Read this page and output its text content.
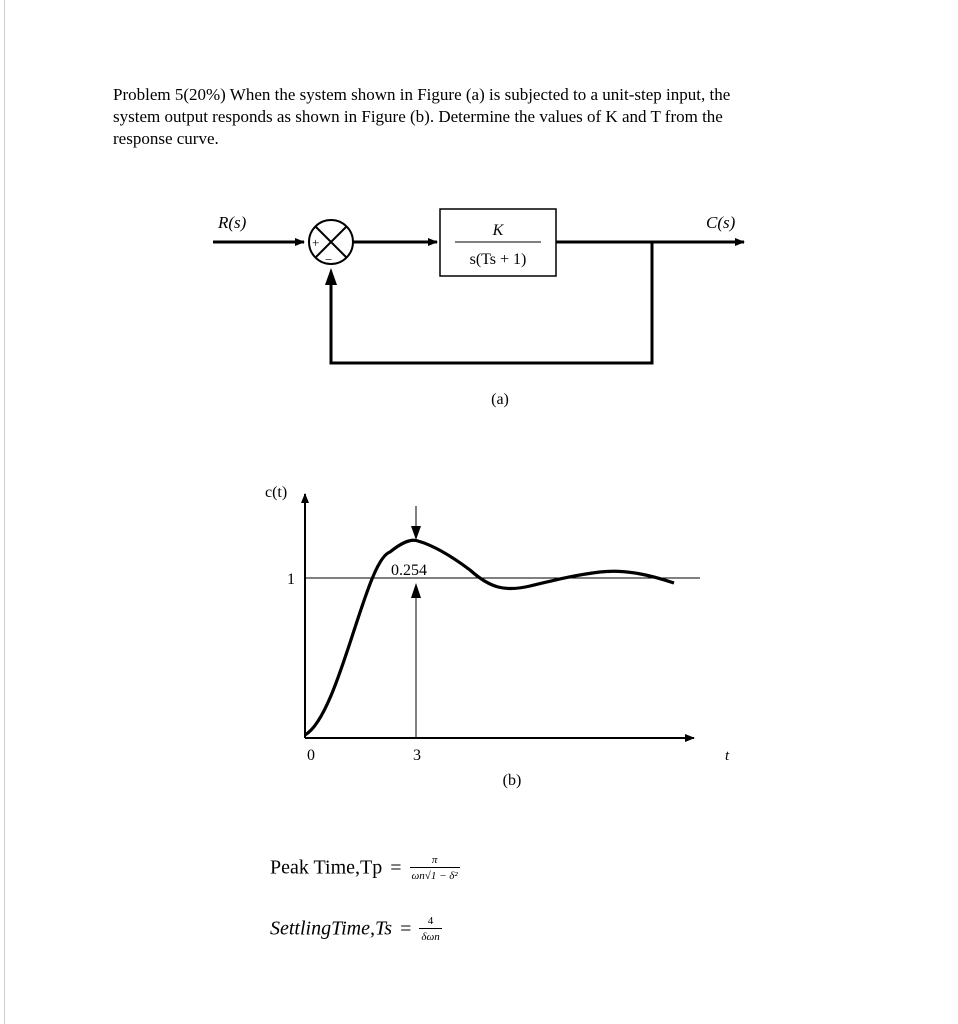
Problem 5(20%) When the system shown in Figure (a) is subjected to a unit-step input, the
system output responds as shown in Figure (b). Determine the values of K and T from the
response curve.
R(s)
+
−
K
s(Ts + 1)
C(s)
(a)
c(t)
t
1
0.254
0	3
(b)
Peak Time,Tp = $\frac{\pi}{\text{ωn√1 − δ²}}$
SettlingTime,Ts = $\frac{4}{\text{δωn}}$
